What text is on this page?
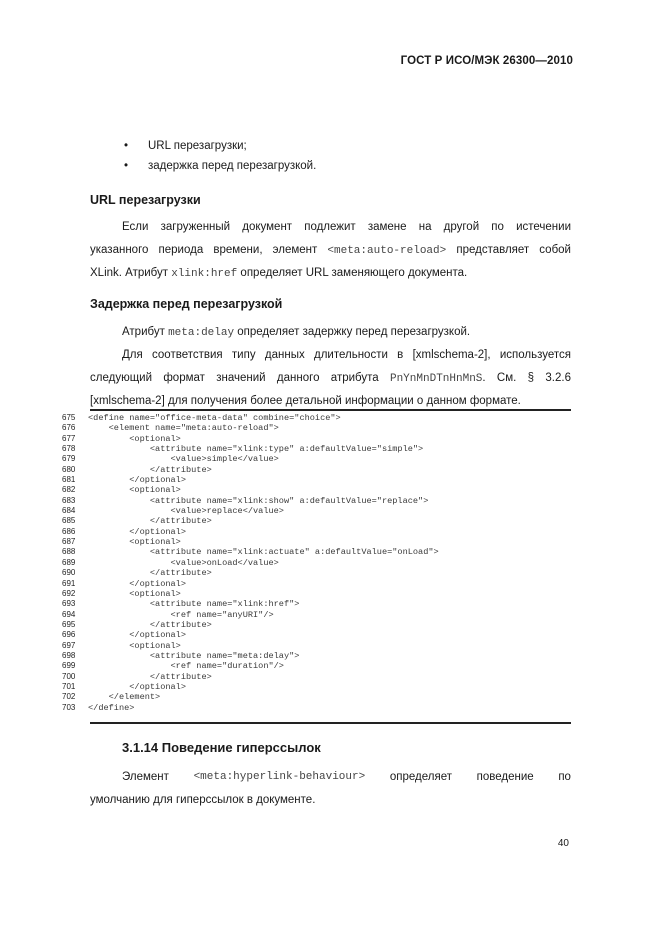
ГОСТ Р ИСО/МЭК 26300—2010
•	URL перезагрузки;
•	задержка перед перезагрузкой.
URL перезагрузки
Если загруженный документ подлежит замене на другой по истечении
указанного периода времени, элемент <meta:auto-reload> представляет собой
XLink. Атрибут xlink:href определяет URL заменяющего документа.
Задержка перед перезагрузкой
Атрибут meta:delay определяет задержку перед перезагрузкой.
Для соответствия типу данных длительности в [xmlschema-2], используется
следующий формат значений данного атрибута PnYnMnDTnHnMnS. См. § 3.2.6
[xmlschema-2] для получения более детальной информации о данном формате.
675	<define name="office-meta-data" combine="choice">
676	<element name="meta:auto-reload">
677	<optional>
678	<attribute name="xlink:type" a:defaultValue="simple">
679	<value>simple</value>
680	</attribute>
681	</optional>
682	<optional>
683	<attribute name="xlink:show" a:defaultValue="replace">
684	<value>replace</value>
685	</attribute>
686	</optional>
687	<optional>
688	<attribute name="xlink:actuate" a:defaultValue="onLoad">
689	<value>onLoad</value>
690	</attribute>
691	</optional>
692	<optional>
693	<attribute name="xlink:href">
694	<ref name="anyURI"/>
695	</attribute>
696	</optional>
697	<optional>
698	<attribute name="meta:delay">
699	<ref name="duration"/>
700	</attribute>
701	</optional>
702	</element>
703	</define>
3.1.14 Поведение гиперссылок
Элемент <meta:hyperlink-behaviour> определяет поведение по
умолчанию для гиперссылок в документе.
40
